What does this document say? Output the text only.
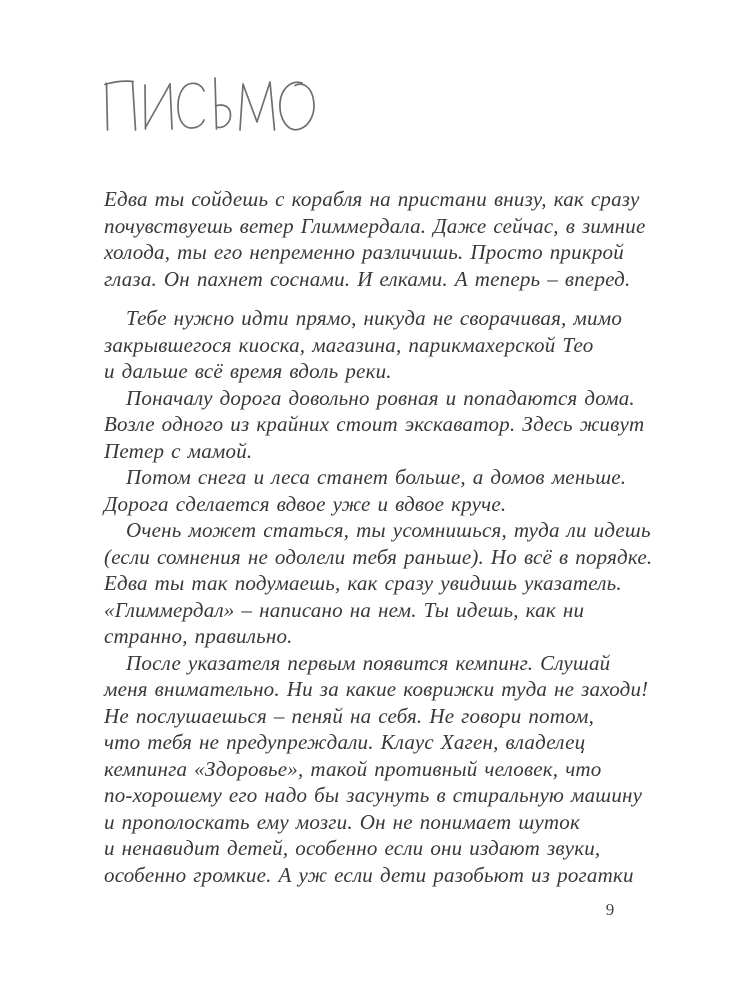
Едва ты сойдешь с корабля на пристани внизу, как сразу
почувствуешь ветер Глиммердала. Даже сейчас, в зимние
холода, ты его непременно различишь. Просто прикрой
глаза. Он пахнет соснами. И елками. А теперь – вперед.
Тебе нужно идти прямо, никуда не сворачивая, мимо
закрывшегося киоска, магазина, парикмахерской Тео
и дальше всё время вдоль реки.
Поначалу дорога довольно ровная и попадаются дома.
Возле одного из крайних стоит экскаватор. Здесь живут
Петер с мамой.
Потом снега и леса станет больше, а домов меньше.
Дорога сделается вдвое уже и вдвое круче.
Очень может статься, ты усомнишься, туда ли идешь
(если сомнения не одолели тебя раньше). Но всё в порядке.
Едва ты так подумаешь, как сразу увидишь указатель.
«Глиммердал» – написано на нем. Ты идешь, как ни
странно, правильно.
После указателя первым появится кемпинг. Слушай
меня внимательно. Ни за какие коврижки туда не заходи!
Не послушаешься – пеняй на себя. Не говори потом,
что тебя не предупреждали. Клаус Хаген, владелец
кемпинга «Здоровье», такой противный человек, что
по-хорошему его надо бы засунуть в стиральную машину
и прополоскать ему мозги. Он не понимает шуток
и ненавидит детей, особенно если они издают звуки,
особенно громкие. А уж если дети разобьют из рогатки
9
